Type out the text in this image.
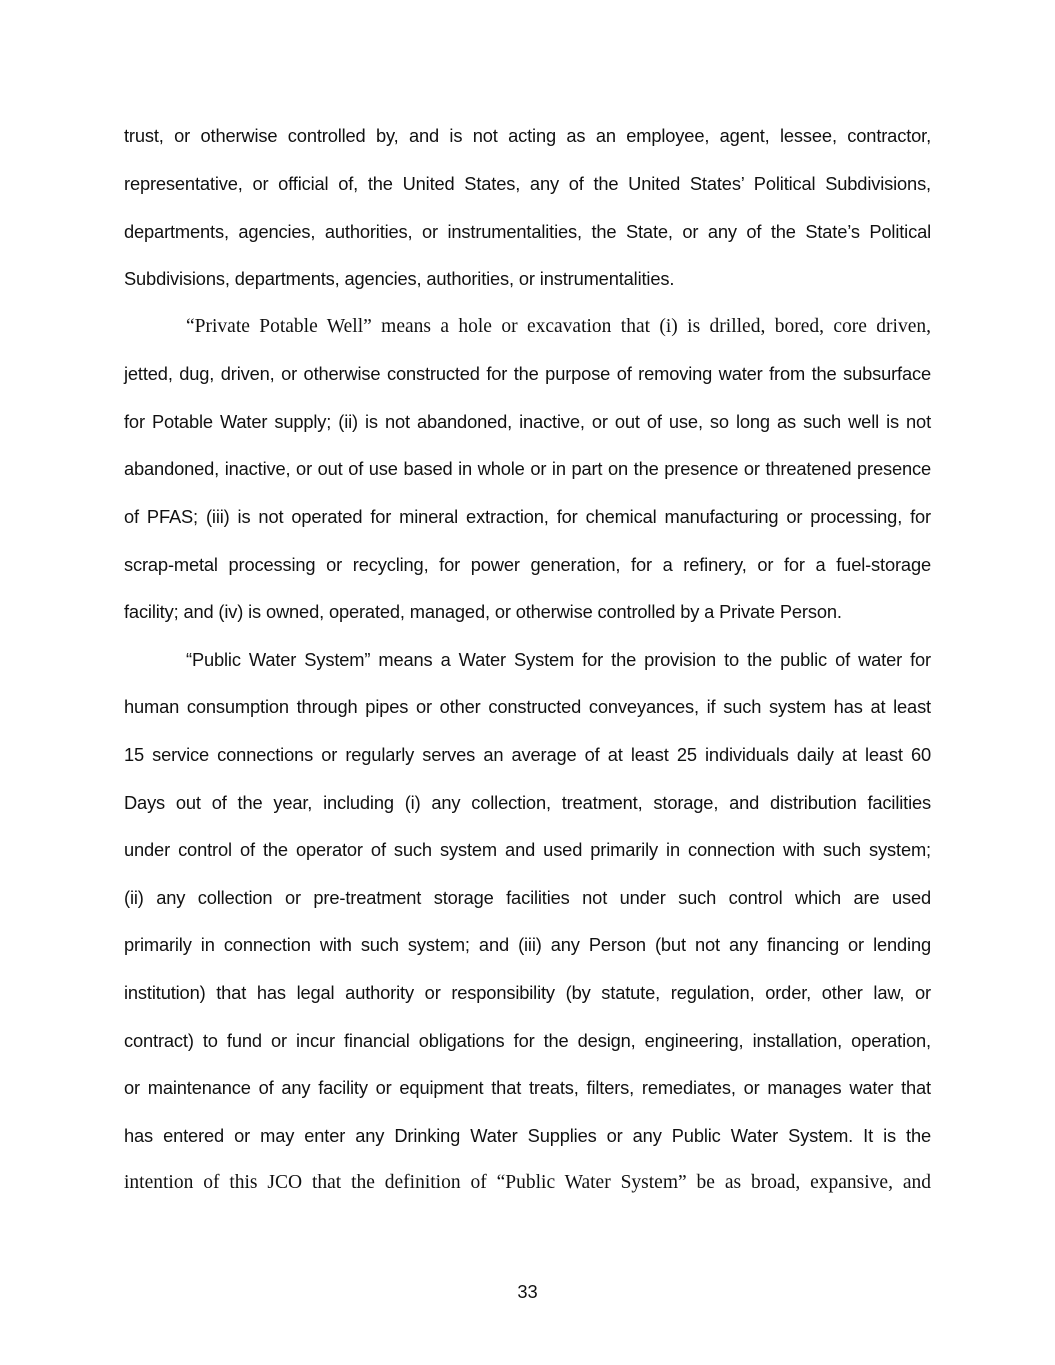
trust, or otherwise controlled by, and is not acting as an employee, agent, lessee, contractor,
representative, or official of, the United States, any of the United States’ Political Subdivisions,
departments, agencies, authorities, or instrumentalities, the State, or any of the State’s Political
Subdivisions, departments, agencies, authorities, or instrumentalities.
“Private Potable Well” means a hole or excavation that (i) is drilled, bored, core driven,
jetted, dug, driven, or otherwise constructed for the purpose of removing water from the subsurface
for Potable Water supply; (ii) is not abandoned, inactive, or out of use, so long as such well is not
abandoned, inactive, or out of use based in whole or in part on the presence or threatened presence
of PFAS; (iii) is not operated for mineral extraction, for chemical manufacturing or processing, for
scrap-metal processing or recycling, for power generation, for a refinery, or for a fuel-storage
facility; and (iv) is owned, operated, managed, or otherwise controlled by a Private Person.
“Public Water System” means a Water System for the provision to the public of water for
human consumption through pipes or other constructed conveyances, if such system has at least
15 service connections or regularly serves an average of at least 25 individuals daily at least 60
Days out of the year, including (i) any collection, treatment, storage, and distribution facilities
under control of the operator of such system and used primarily in connection with such system;
(ii) any collection or pre-treatment storage facilities not under such control which are used
primarily in connection with such system; and (iii) any Person (but not any financing or lending
institution) that has legal authority or responsibility (by statute, regulation, order, other law, or
contract) to fund or incur financial obligations for the design, engineering, installation, operation,
or maintenance of any facility or equipment that treats, filters, remediates, or manages water that
has entered or may enter any Drinking Water Supplies or any Public Water System. It is the
intention of this JCO that the definition of “Public Water System” be as broad, expansive, and
33
